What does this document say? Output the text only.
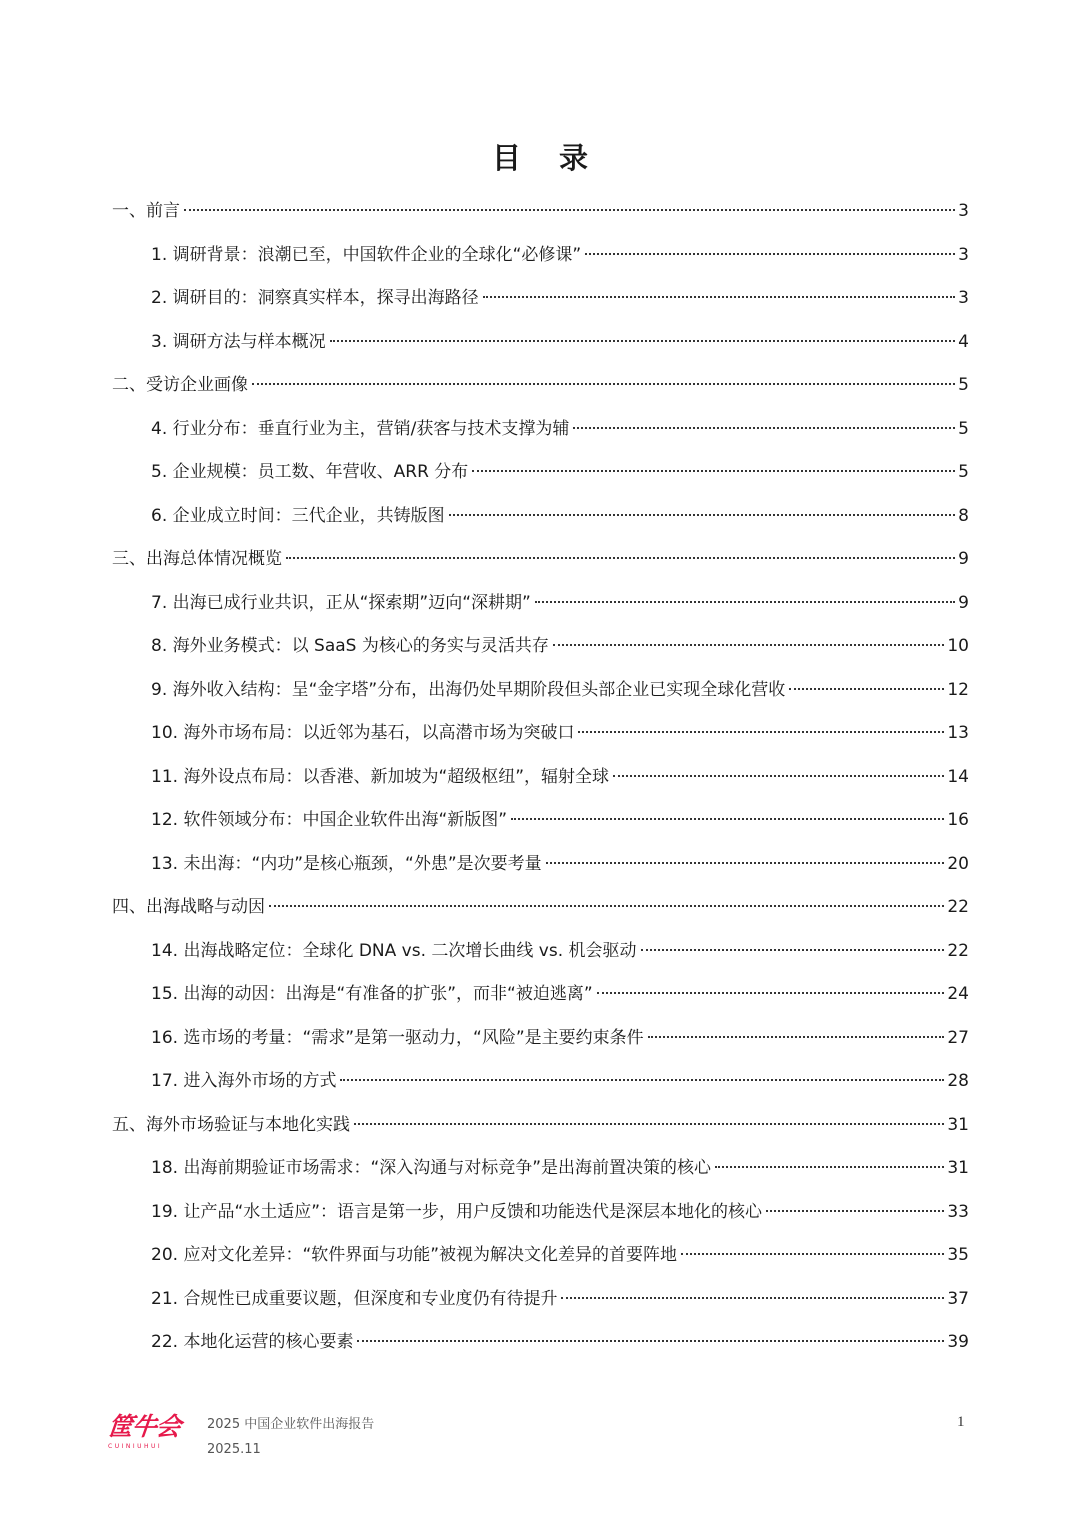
目 录
一、前言	3
1. 调研背景：浪潮已至，中国软件企业的全球化“必修课”	3
2. 调研目的：洞察真实样本，探寻出海路径	3
3. 调研方法与样本概况	4
二、受访企业画像	5
4. 行业分布：垂直行业为主，营销/获客与技术支撑为辅	5
5. 企业规模：员工数、年营收、ARR 分布	5
6. 企业成立时间：三代企业，共铸版图	8
三、出海总体情况概览	9
7. 出海已成行业共识，正从“探索期”迈向“深耕期”	9
8. 海外业务模式：以 SaaS 为核心的务实与灵活共存	10
9. 海外收入结构：呈“金字塔”分布，出海仍处早期阶段但头部企业已实现全球化营收	12
10. 海外市场布局：以近邻为基石，以高潜市场为突破口	13
11. 海外设点布局：以香港、新加坡为“超级枢纽”，辐射全球	14
12. 软件领域分布：中国企业软件出海“新版图”	16
13. 未出海：“内功”是核心瓶颈，“外患”是次要考量	20
四、出海战略与动因	22
14. 出海战略定位：全球化 DNA vs. 二次增长曲线 vs. 机会驱动	22
15. 出海的动因：出海是“有准备的扩张”，而非“被迫逃离”	24
16. 选市场的考量：“需求”是第一驱动力，“风险”是主要约束条件	27
17. 进入海外市场的方式	28
五、海外市场验证与本地化实践	31
18. 出海前期验证市场需求：“深入沟通与对标竞争”是出海前置决策的核心	31
19. 让产品“水土适应”：语言是第一步，用户反馈和功能迭代是深层本地化的核心	33
20. 应对文化差异：“软件界面与功能”被视为解决文化差异的首要阵地	35
21. 合规性已成重要议题，但深度和专业度仍有待提升	37
22. 本地化运营的核心要素	39
筐牛会
CUINIUHUI
2025 中国企业软件出海报告
2025.11
1
